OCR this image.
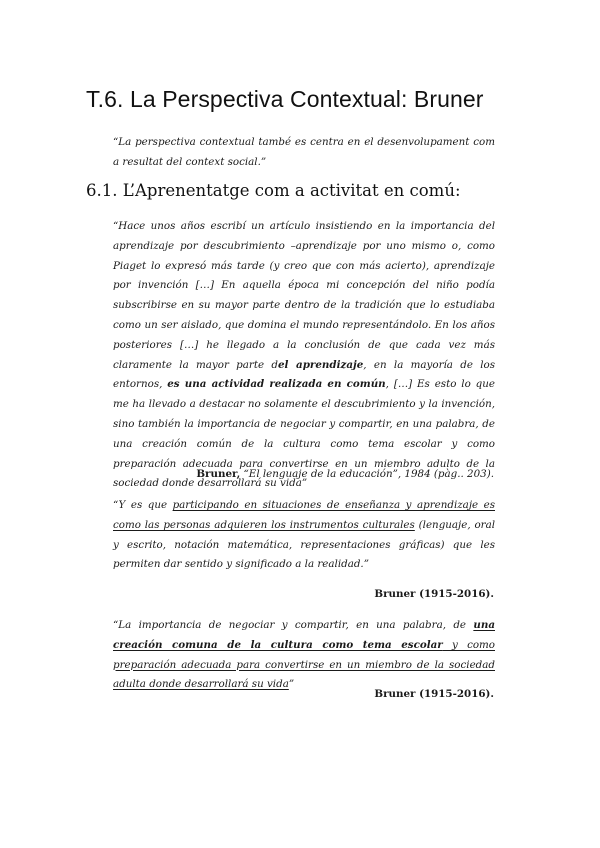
T.6. La Perspectiva Contextual: Bruner

“La perspectiva contextual també es centra en el desenvolupament com a resultat del context social.”

6.1. L’Aprenentatge com a activitat en comú:

“Hace unos años escribí un artículo insistiendo en la importancia del aprendizaje por descubrimiento –aprendizaje por uno mismo o, como Piaget lo expresó más tarde (y creo que con más acierto), aprendizaje por invención […] En aquella época mi concepción del niño podía subscribirse en su mayor parte dentro de la tradición que lo estudiaba como un ser aislado, que domina el mundo representándolo. En los años posteriores […] he llegado a la conclusión de que cada vez más claramente la mayor parte del aprendizaje, en la mayoría de los entornos, es una actividad realizada en común, […] Es esto lo que me ha llevado a destacar no solamente el descubrimiento y la invención, sino también la importancia de negociar y compartir, en una palabra, de una creación común de la cultura como tema escolar y como preparación adecuada para convertirse en un miembro adulto de la sociedad donde desarrollará su vida”

Bruner, “El lenguaje de la educación”, 1984 (pàg.. 203).

“Y es que participando en situaciones de enseñanza y aprendizaje es como las personas adquieren los instrumentos culturales (lenguaje, oral y escrito, notación matemática, representaciones gráficas) que les permiten dar sentido y significado a la realidad.”

Bruner (1915-2016).

“La importancia de negociar y compartir, en una palabra, de una creación comuna de la cultura como tema escolar y como preparación adecuada para convertirse en un miembro de la sociedad adulta donde desarrollará su vida”

Bruner (1915-2016).
